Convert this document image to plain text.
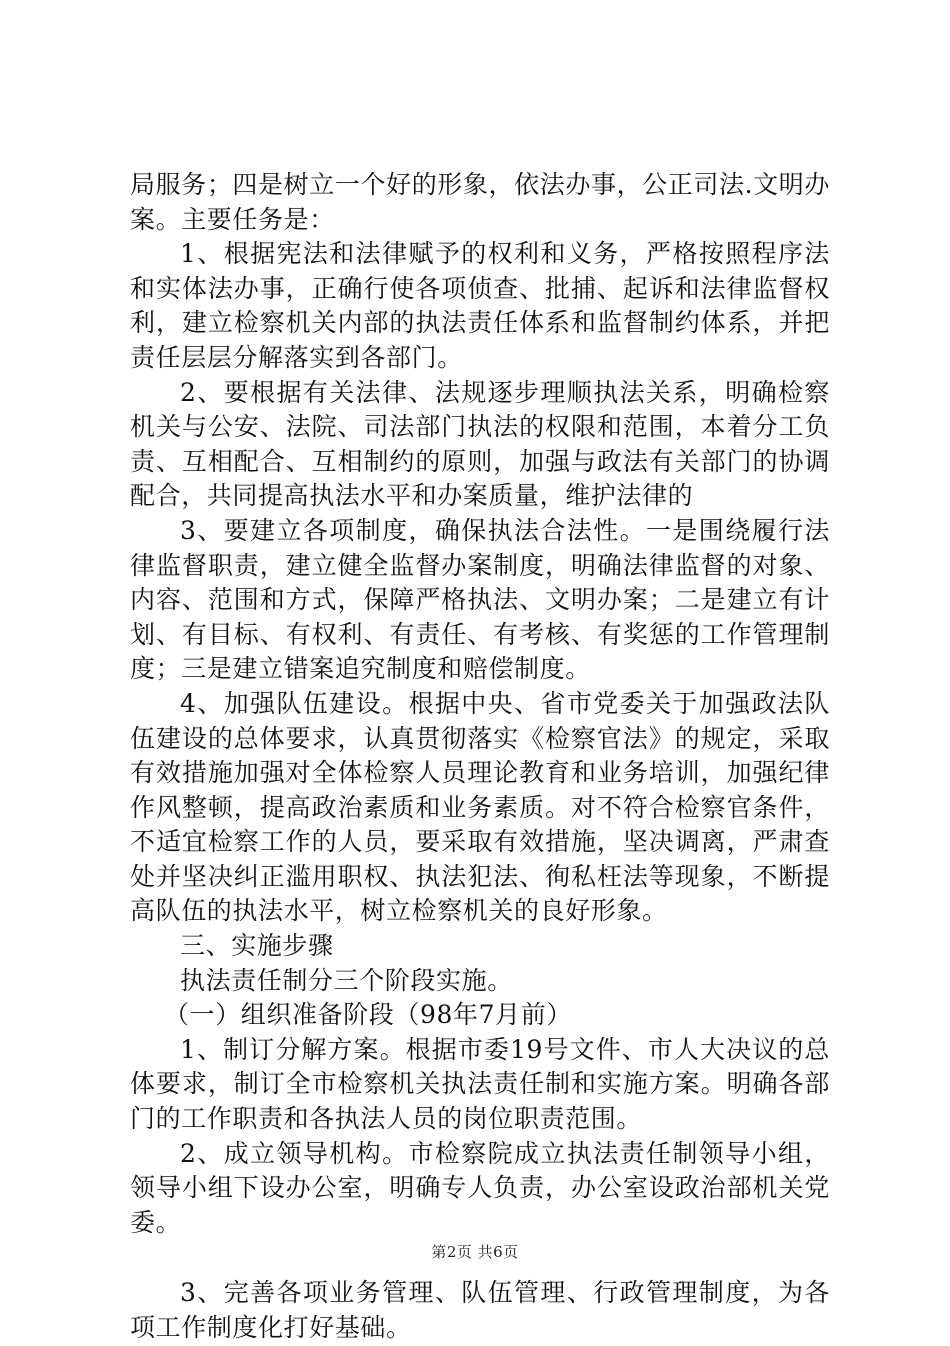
局服务；四是树立一个好的形象，依法办事，公正司法.文明办案。主要任务是：

1、根据宪法和法律赋予的权利和义务，严格按照程序法和实体法办事，正确行使各项侦查、批捕、起诉和法律监督权利，建立检察机关内部的执法责任体系和监督制约体系，并把责任层层分解落实到各部门。

2、要根据有关法律、法规逐步理顺执法关系，明确检察机关与公安、法院、司法部门执法的权限和范围，本着分工负责、互相配合、互相制约的原则，加强与政法有关部门的协调配合，共同提高执法水平和办案质量，维护法律的

3、要建立各项制度，确保执法合法性。一是围绕履行法律监督职责，建立健全监督办案制度，明确法律监督的对象、内容、范围和方式，保障严格执法、文明办案；二是建立有计划、有目标、有权利、有责任、有考核、有奖惩的工作管理制度；三是建立错案追究制度和赔偿制度。

4、加强队伍建设。根据中央、省市党委关于加强政法队伍建设的总体要求，认真贯彻落实《检察官法》的规定，采取有效措施加强对全体检察人员理论教育和业务培训，加强纪律作风整顿，提高政治素质和业务素质。对不符合检察官条件，不适宜检察工作的人员，要采取有效措施，坚决调离，严肃查处并坚决纠正滥用职权、执法犯法、徇私枉法等现象，不断提高队伍的执法水平，树立检察机关的良好形象。

三、实施步骤

执法责任制分三个阶段实施。

（一）组织准备阶段（98年7月前）

1、制订分解方案。根据市委19号文件、市人大决议的总体要求，制订全市检察机关执法责任制和实施方案。明确各部门的工作职责和各执法人员的岗位职责范围。

2、成立领导机构。市检察院成立执法责任制领导小组，领导小组下设办公室，明确专人负责，办公室设政治部机关党委。

3、完善各项业务管理、队伍管理、行政管理制度，为各项工作制度化打好基础。

第2页 共6页
